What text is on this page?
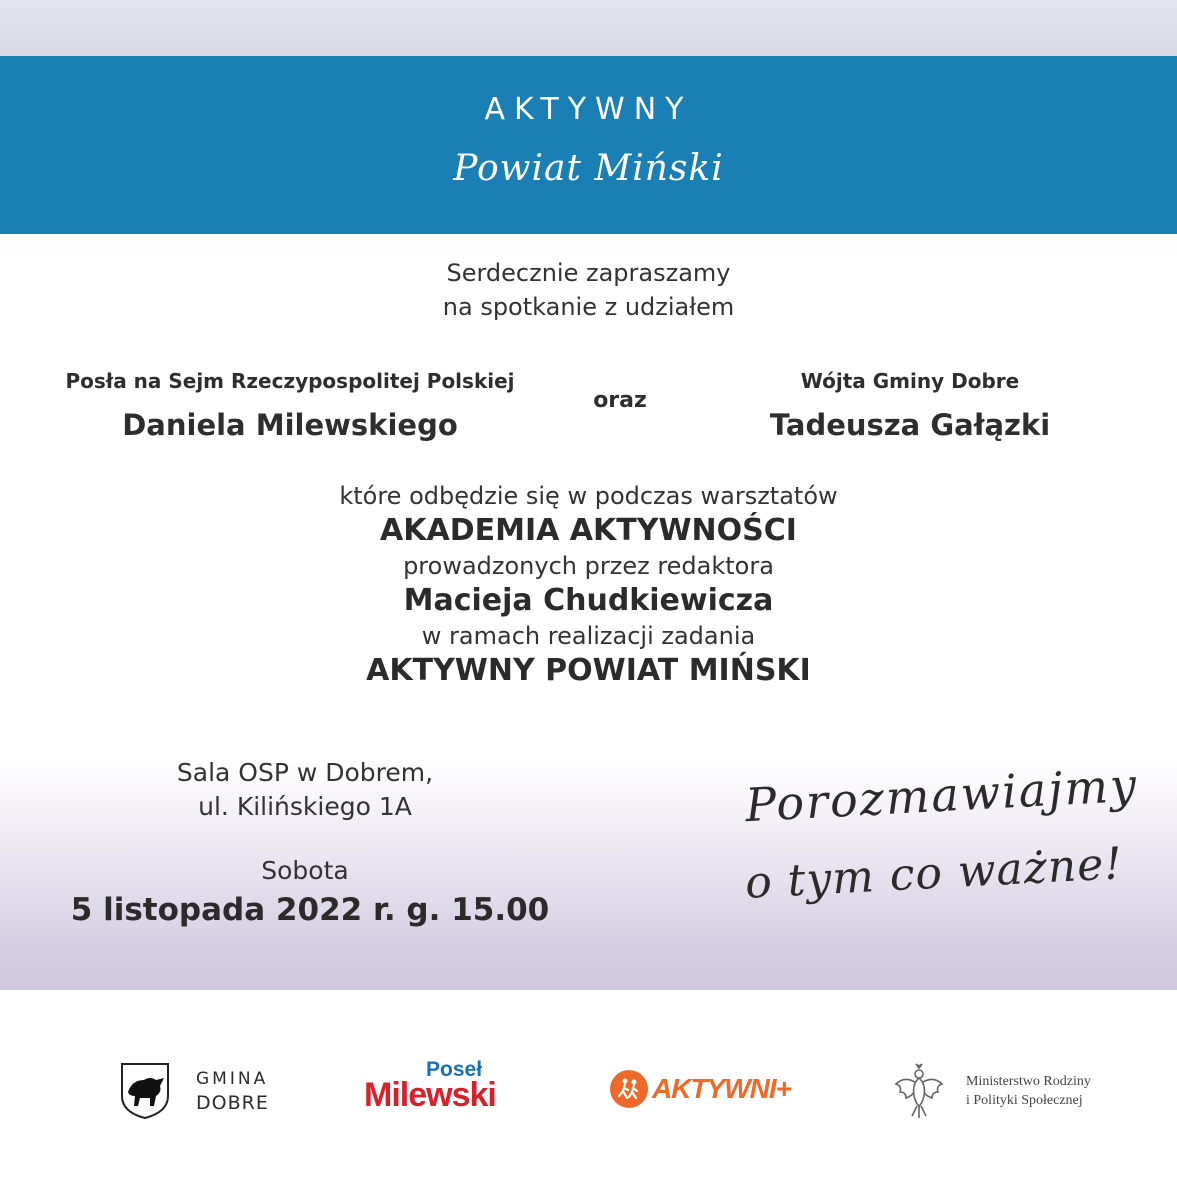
AKTYWNY
Powiat Miński
Serdecznie zapraszamy
na spotkanie z udziałem
Posła na Sejm Rzeczypospolitej Polskiej
Daniela Milewskiego
oraz
Wójta Gminy Dobre
Tadeusza Gałązki
które odbędzie się w podczas warsztatów
AKADEMIA AKTYWNOŚCI
prowadzonych przez redaktora
Macieja Chudkiewicza
w ramach realizacji zadania
AKTYWNY POWIAT MIŃSKI
Sala OSP w Dobrem,
ul. Kilińskiego 1A
Sobota
5 listopada 2022 r. g. 15.00
Porozmawiajmy
o tym co ważne!
GMINA
DOBRE
Poseł
Milewski	AKTYWNI+	Ministerstwo Rodziny
i Polityki Społecznej
